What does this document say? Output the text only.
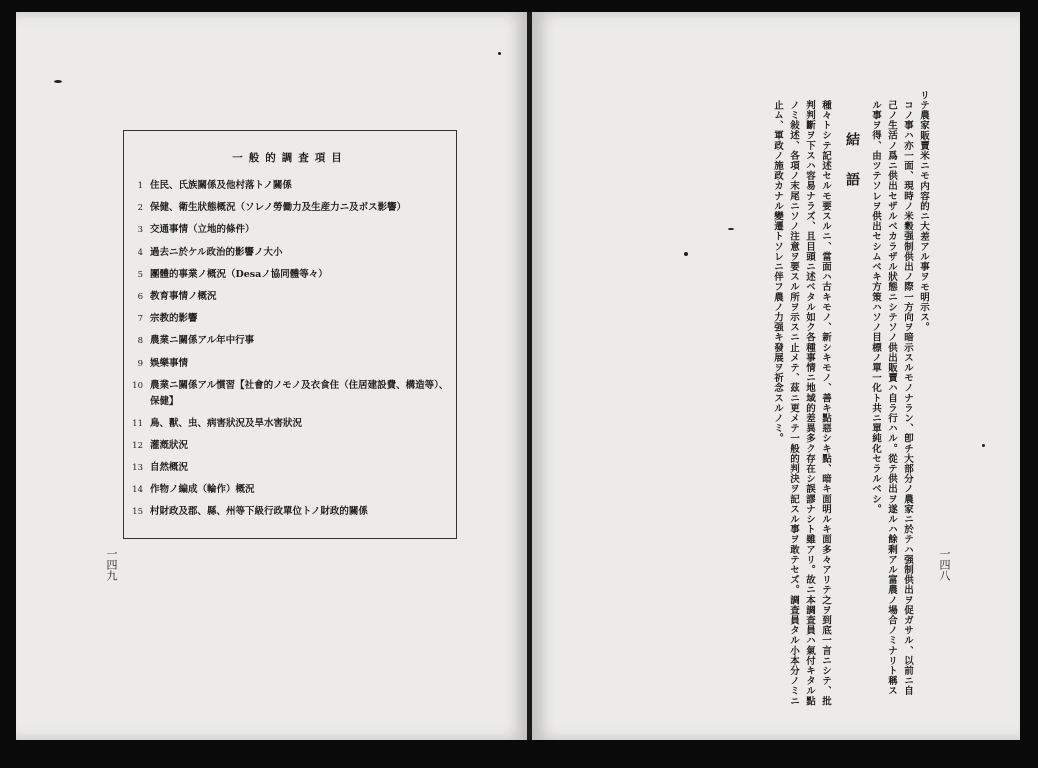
一般的調査項目
1 住民、氏族關係及他村落トノ關係
2 保健、衛生狀態概況（ソレノ勞働力及生産力ニ及ボス影響）
3 交通事情（立地的條件）
4 過去ニ於ケル政治的影響ノ大小
5 團體的事業ノ概況（Desaノ協同體等々）
6 教育事情ノ概況
7 宗教的影響
8 農業ニ關係アル年中行事
9 娛樂事情
10 農業ニ關係アル慣習【社會的ノモノ及衣食住（住居建設費、構造等）、
保健】
11 鳥、獸、虫、病害狀況及旱水害狀況
12 灌漑狀況
13 自然概況
14 作物ノ編成（輪作）概況
15 村財政及郡、縣、州等下級行政單位トノ財政的關係
一四九
リテ農家販賣米ニモ内容的ニ大差アル事ヲモ明示ス。
コノ事ハ亦一面、現時ノ米穀强制供出ノ際一方向ヲ暗示スルモノナラン、卽チ大部分ノ農家ニ於テハ强制供出ヲ促ガサル、以前ニ自
己ノ生活ノ爲ニ供出セザルベカラザル狀態ニシテソノ供出販賣ハ自ラ行ハル。從テ供出ヲ遂ルハ餘剩アル富農ノ場合ノミナリト稱ス
ル事ヲ得、由ツテソレヲ供出セシムベキ方策ハソノ目標ノ單一化ト共ニ單純化セラルベシ。
結語
種々トシテ記述セルモ要スルニ、當面ハ古キモノ、新シキモノ、善キ點惡シキ點、暗キ面明ルキ面多々アリテ之ヲ到底一言ニシテ、批
判判斷ヲ下スハ容易ナラズ、且目頭ニ述ベタル如ク各種事情ニ地域的差異多ク存在シ誤謬ナシト雖アリ。故ニ本調査員ハ氣付キタル點
ノミ敍述、各項ノ末尾ニソノ注意ヲ要スル所ヲ示スニ止メテ、茲ニ更メテ一般的判決ヲ記スル事ヲ敢テセズ。調査員タル小本分ノミニ
止ム、軍政ノ施政カナル變遷トソレニ伴フ農ノ力强キ發展ヲ祈念スルノミ。
一四八
